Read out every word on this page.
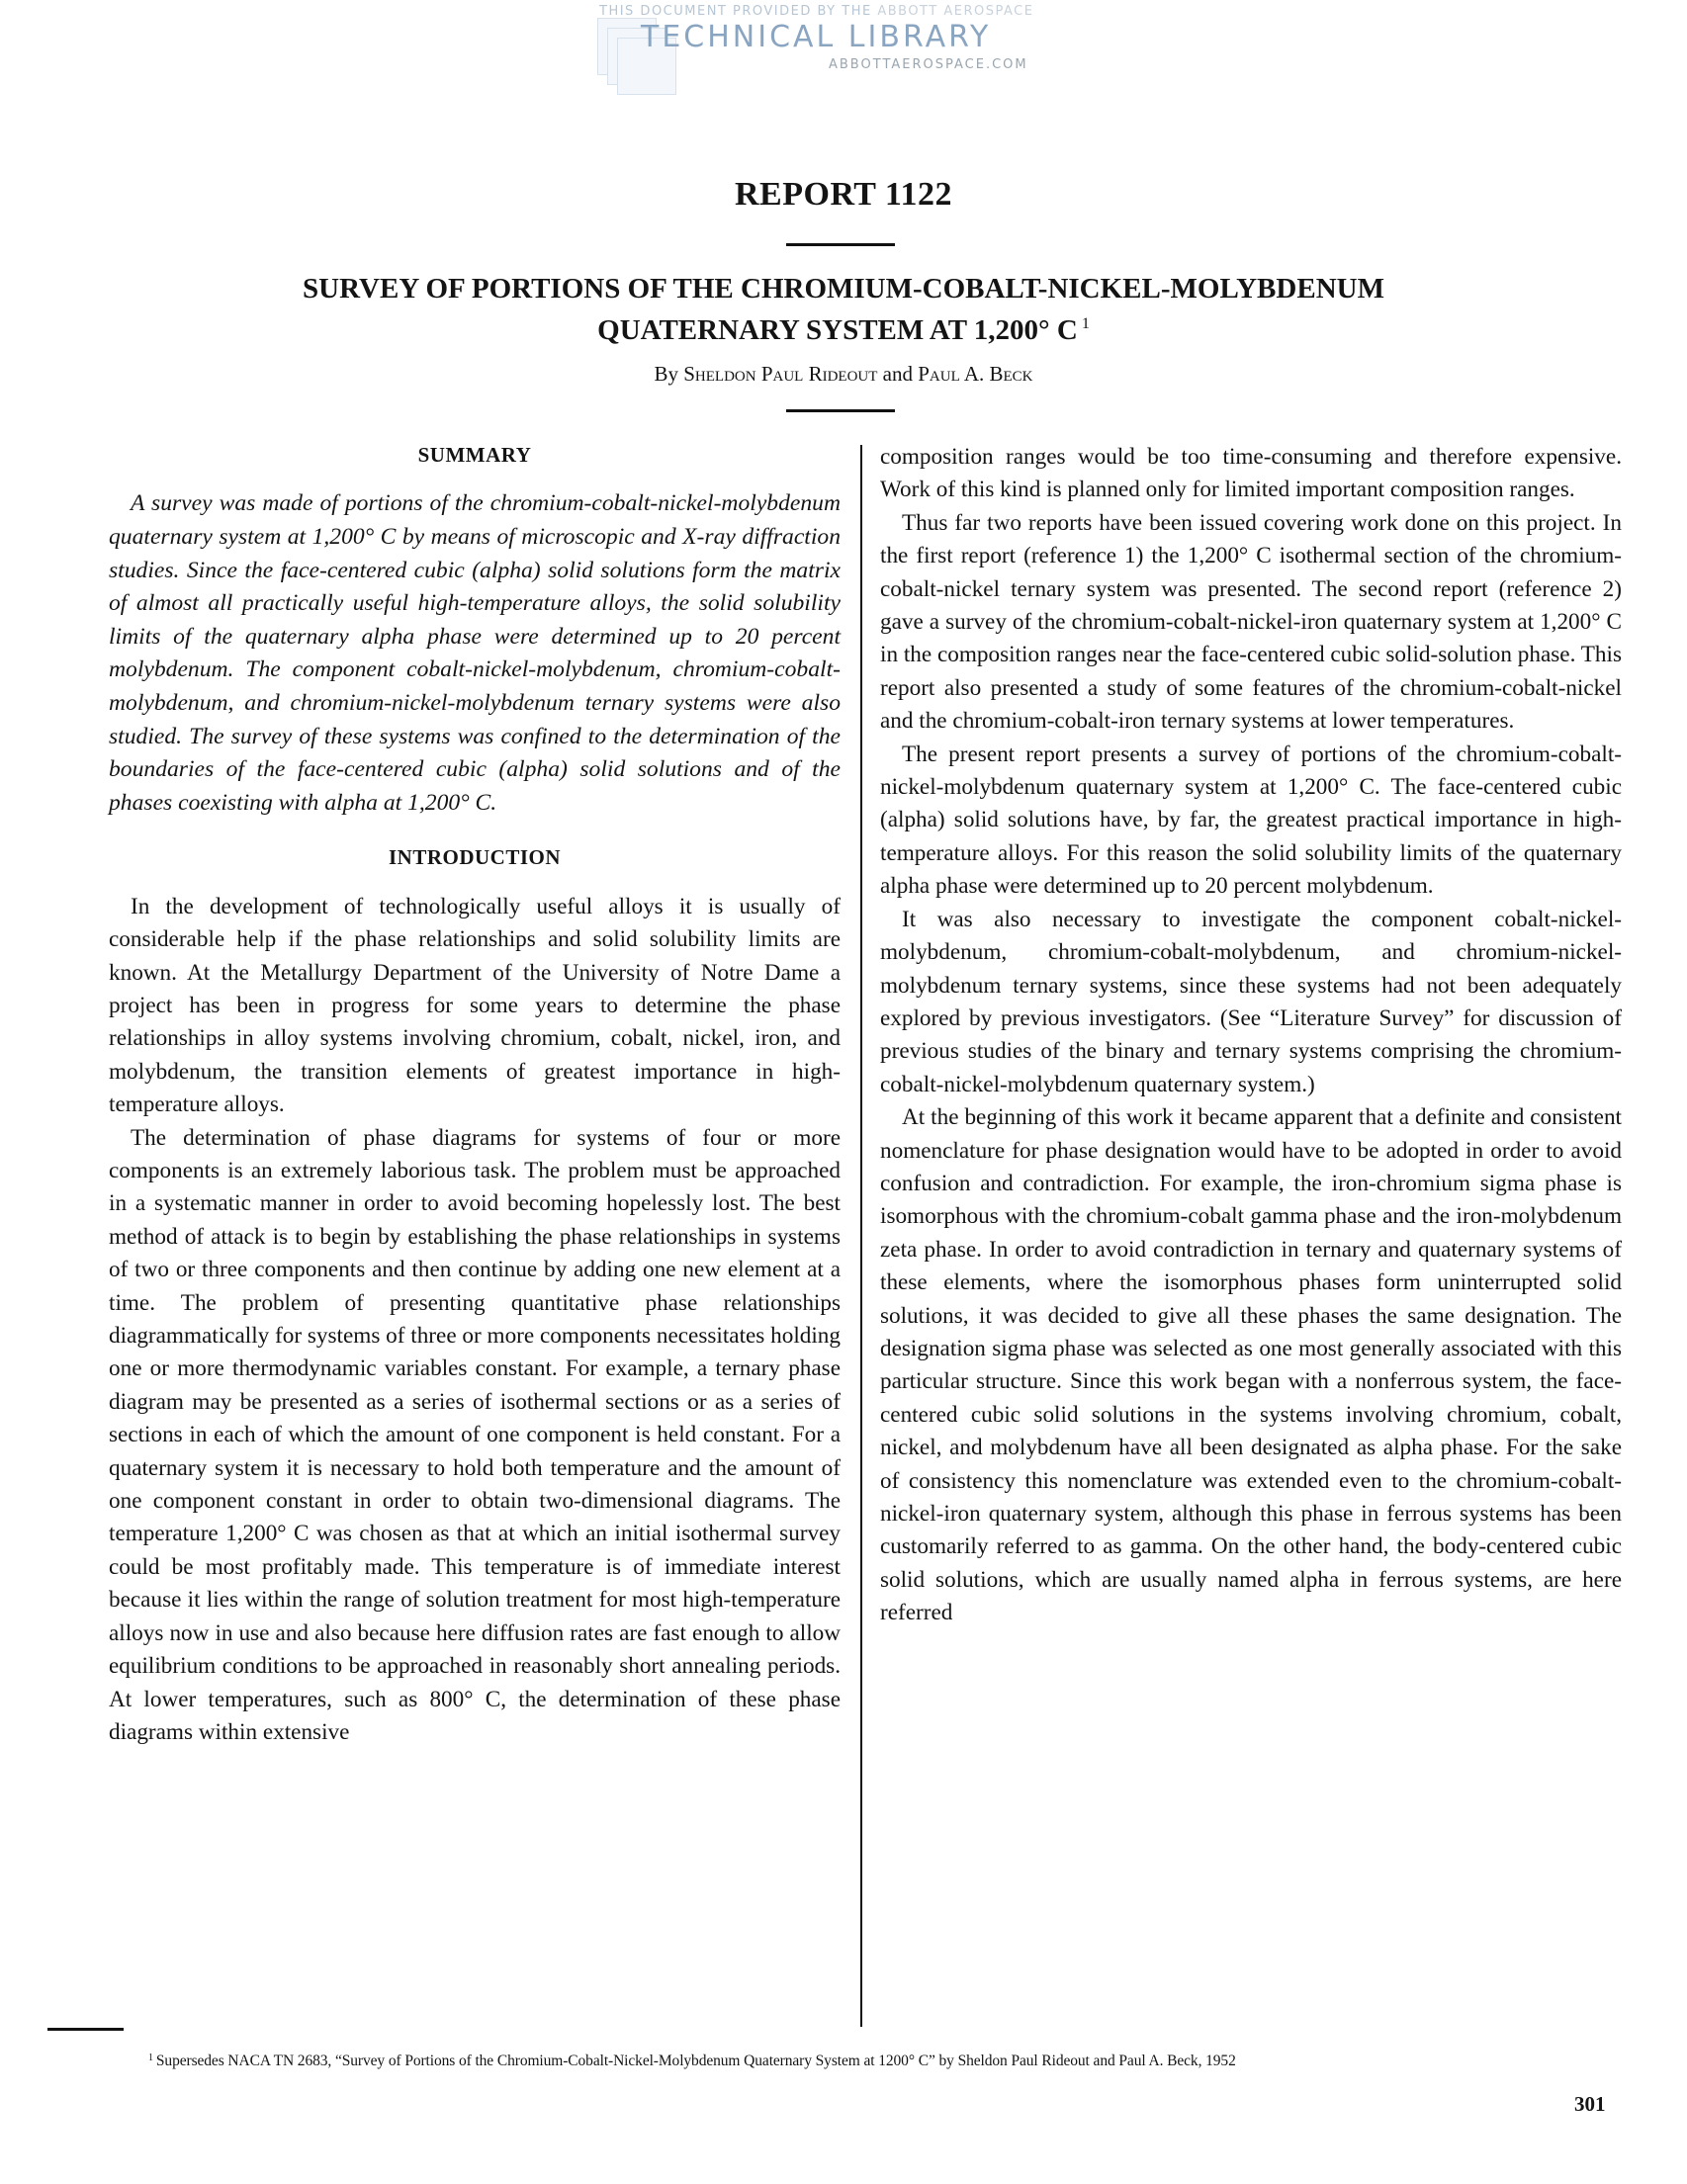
THIS DOCUMENT PROVIDED BY THE ABBOTT AEROSPACE
TECHNICAL LIBRARY
ABBOTTAEROSPACE.COM
REPORT 1122
SURVEY OF PORTIONS OF THE CHROMIUM-COBALT-NICKEL-MOLYBDENUM
QUATERNARY SYSTEM AT 1,200° C $^1$
By Sheldon Paul Rideout and Paul A. Beck
SUMMARY

A survey was made of portions of the chromium-cobalt-nickel-molybdenum quaternary system at 1,200° C by means of microscopic and X-ray diffraction studies. Since the face-centered cubic (alpha) solid solutions form the matrix of almost all practically useful high-temperature alloys, the solid solubility limits of the quaternary alpha phase were determined up to 20 percent molybdenum. The component cobalt-nickel-molybdenum, chromium-cobalt-molybdenum, and chromium-nickel-molybdenum ternary systems were also studied. The survey of these systems was confined to the determination of the boundaries of the face-centered cubic (alpha) solid solutions and of the phases coexisting with alpha at 1,200° C.

INTRODUCTION

In the development of technologically useful alloys it is usually of considerable help if the phase relationships and solid solubility limits are known. At the Metallurgy Department of the University of Notre Dame a project has been in progress for some years to determine the phase relationships in alloy systems involving chromium, cobalt, nickel, iron, and molybdenum, the transition elements of greatest importance in high-temperature alloys.

The determination of phase diagrams for systems of four or more components is an extremely laborious task. The problem must be approached in a systematic manner in order to avoid becoming hopelessly lost. The best method of attack is to begin by establishing the phase relationships in systems of two or three components and then continue by adding one new element at a time. The problem of presenting quantitative phase relationships diagrammatically for systems of three or more components necessitates holding one or more thermodynamic variables constant. For example, a ternary phase diagram may be presented as a series of isothermal sections or as a series of sections in each of which the amount of one component is held constant. For a quaternary system it is necessary to hold both temperature and the amount of one component constant in order to obtain two-dimensional diagrams. The temperature 1,200° C was chosen as that at which an initial isothermal survey could be most profitably made. This temperature is of immediate interest because it lies within the range of solution treatment for most high-temperature alloys now in use and also because here diffusion rates are fast enough to allow equilibrium conditions to be approached in reasonably short annealing periods. At lower temperatures, such as 800° C, the determination of these phase diagrams within extensive

composition ranges would be too time-consuming and therefore expensive. Work of this kind is planned only for limited important composition ranges.

Thus far two reports have been issued covering work done on this project. In the first report (reference 1) the 1,200° C isothermal section of the chromium-cobalt-nickel ternary system was presented. The second report (reference 2) gave a survey of the chromium-cobalt-nickel-iron quaternary system at 1,200° C in the composition ranges near the face-centered cubic solid-solution phase. This report also presented a study of some features of the chromium-cobalt-nickel and the chromium-cobalt-iron ternary systems at lower temperatures.

The present report presents a survey of portions of the chromium-cobalt-nickel-molybdenum quaternary system at 1,200° C. The face-centered cubic (alpha) solid solutions have, by far, the greatest practical importance in high-temperature alloys. For this reason the solid solubility limits of the quaternary alpha phase were determined up to 20 percent molybdenum.

It was also necessary to investigate the component cobalt-nickel-molybdenum, chromium-cobalt-molybdenum, and chromium-nickel-molybdenum ternary systems, since these systems had not been adequately explored by previous investigators. (See “Literature Survey” for discussion of previous studies of the binary and ternary systems comprising the chromium-cobalt-nickel-molybdenum quaternary system.)

At the beginning of this work it became apparent that a definite and consistent nomenclature for phase designation would have to be adopted in order to avoid confusion and contradiction. For example, the iron-chromium sigma phase is isomorphous with the chromium-cobalt gamma phase and the iron-molybdenum zeta phase. In order to avoid contradiction in ternary and quaternary systems of these elements, where the isomorphous phases form uninterrupted solid solutions, it was decided to give all these phases the same designation. The designation sigma phase was selected as one most generally associated with this particular structure. Since this work began with a nonferrous system, the face-centered cubic solid solutions in the systems involving chromium, cobalt, nickel, and molybdenum have all been designated as alpha phase. For the sake of consistency this nomenclature was extended even to the chromium-cobalt-nickel-iron quaternary system, although this phase in ferrous systems has been customarily referred to as gamma. On the other hand, the body-centered cubic solid solutions, which are usually named alpha in ferrous systems, are here referred

$^1$ Supersedes NACA TN 2683, “Survey of Portions of the Chromium-Cobalt-Nickel-Molybdenum Quaternary System at 1200° C” by Sheldon Paul Rideout and Paul A. Beck, 1952
301
